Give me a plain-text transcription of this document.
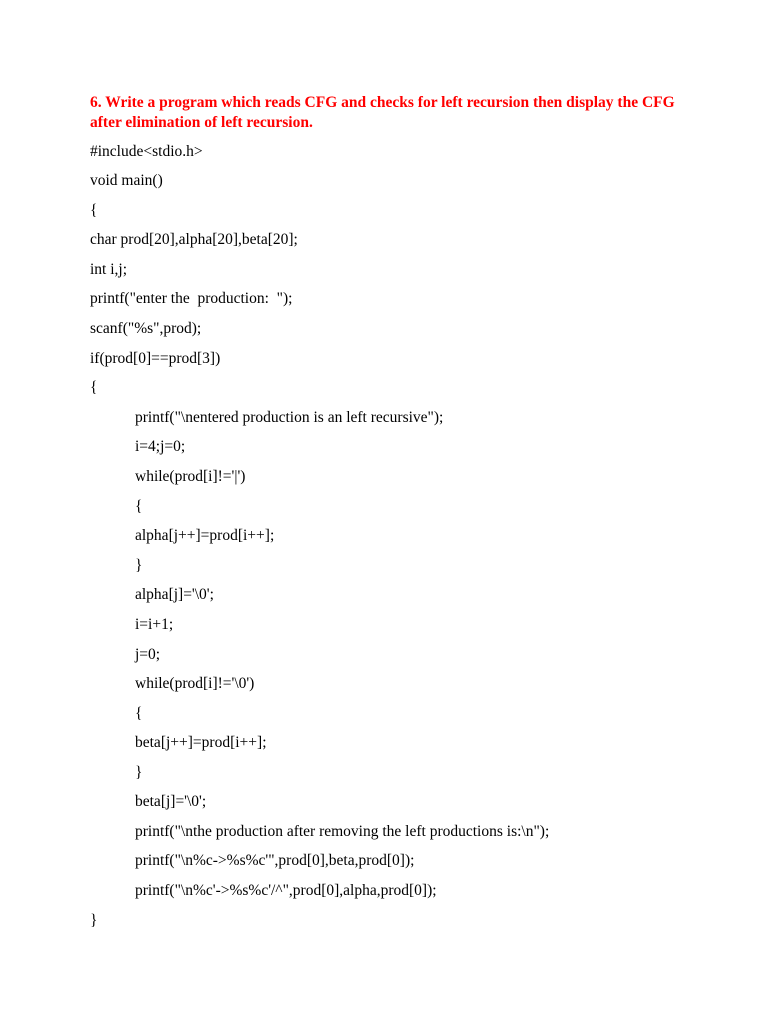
6. Write a program which reads CFG and checks for left recursion then display the CFG
after elimination of left recursion.
#include<stdio.h>
void main()
{
char prod[20],alpha[20],beta[20];
int i,j;
printf("enter the  production:  ");
scanf("%s",prod);
if(prod[0]==prod[3])
{
printf("\nentered production is an left recursive");
i=4;j=0;
while(prod[i]!='|')
{
alpha[j++]=prod[i++];
}
alpha[j]='\0';
i=i+1;
j=0;
while(prod[i]!='\0')
{
beta[j++]=prod[i++];
}
beta[j]='\0';
printf("\nthe production after removing the left productions is:\n");
printf("\n%c->%s%c'",prod[0],beta,prod[0]);
printf("\n%c'->%s%c'/^",prod[0],alpha,prod[0]);
}
